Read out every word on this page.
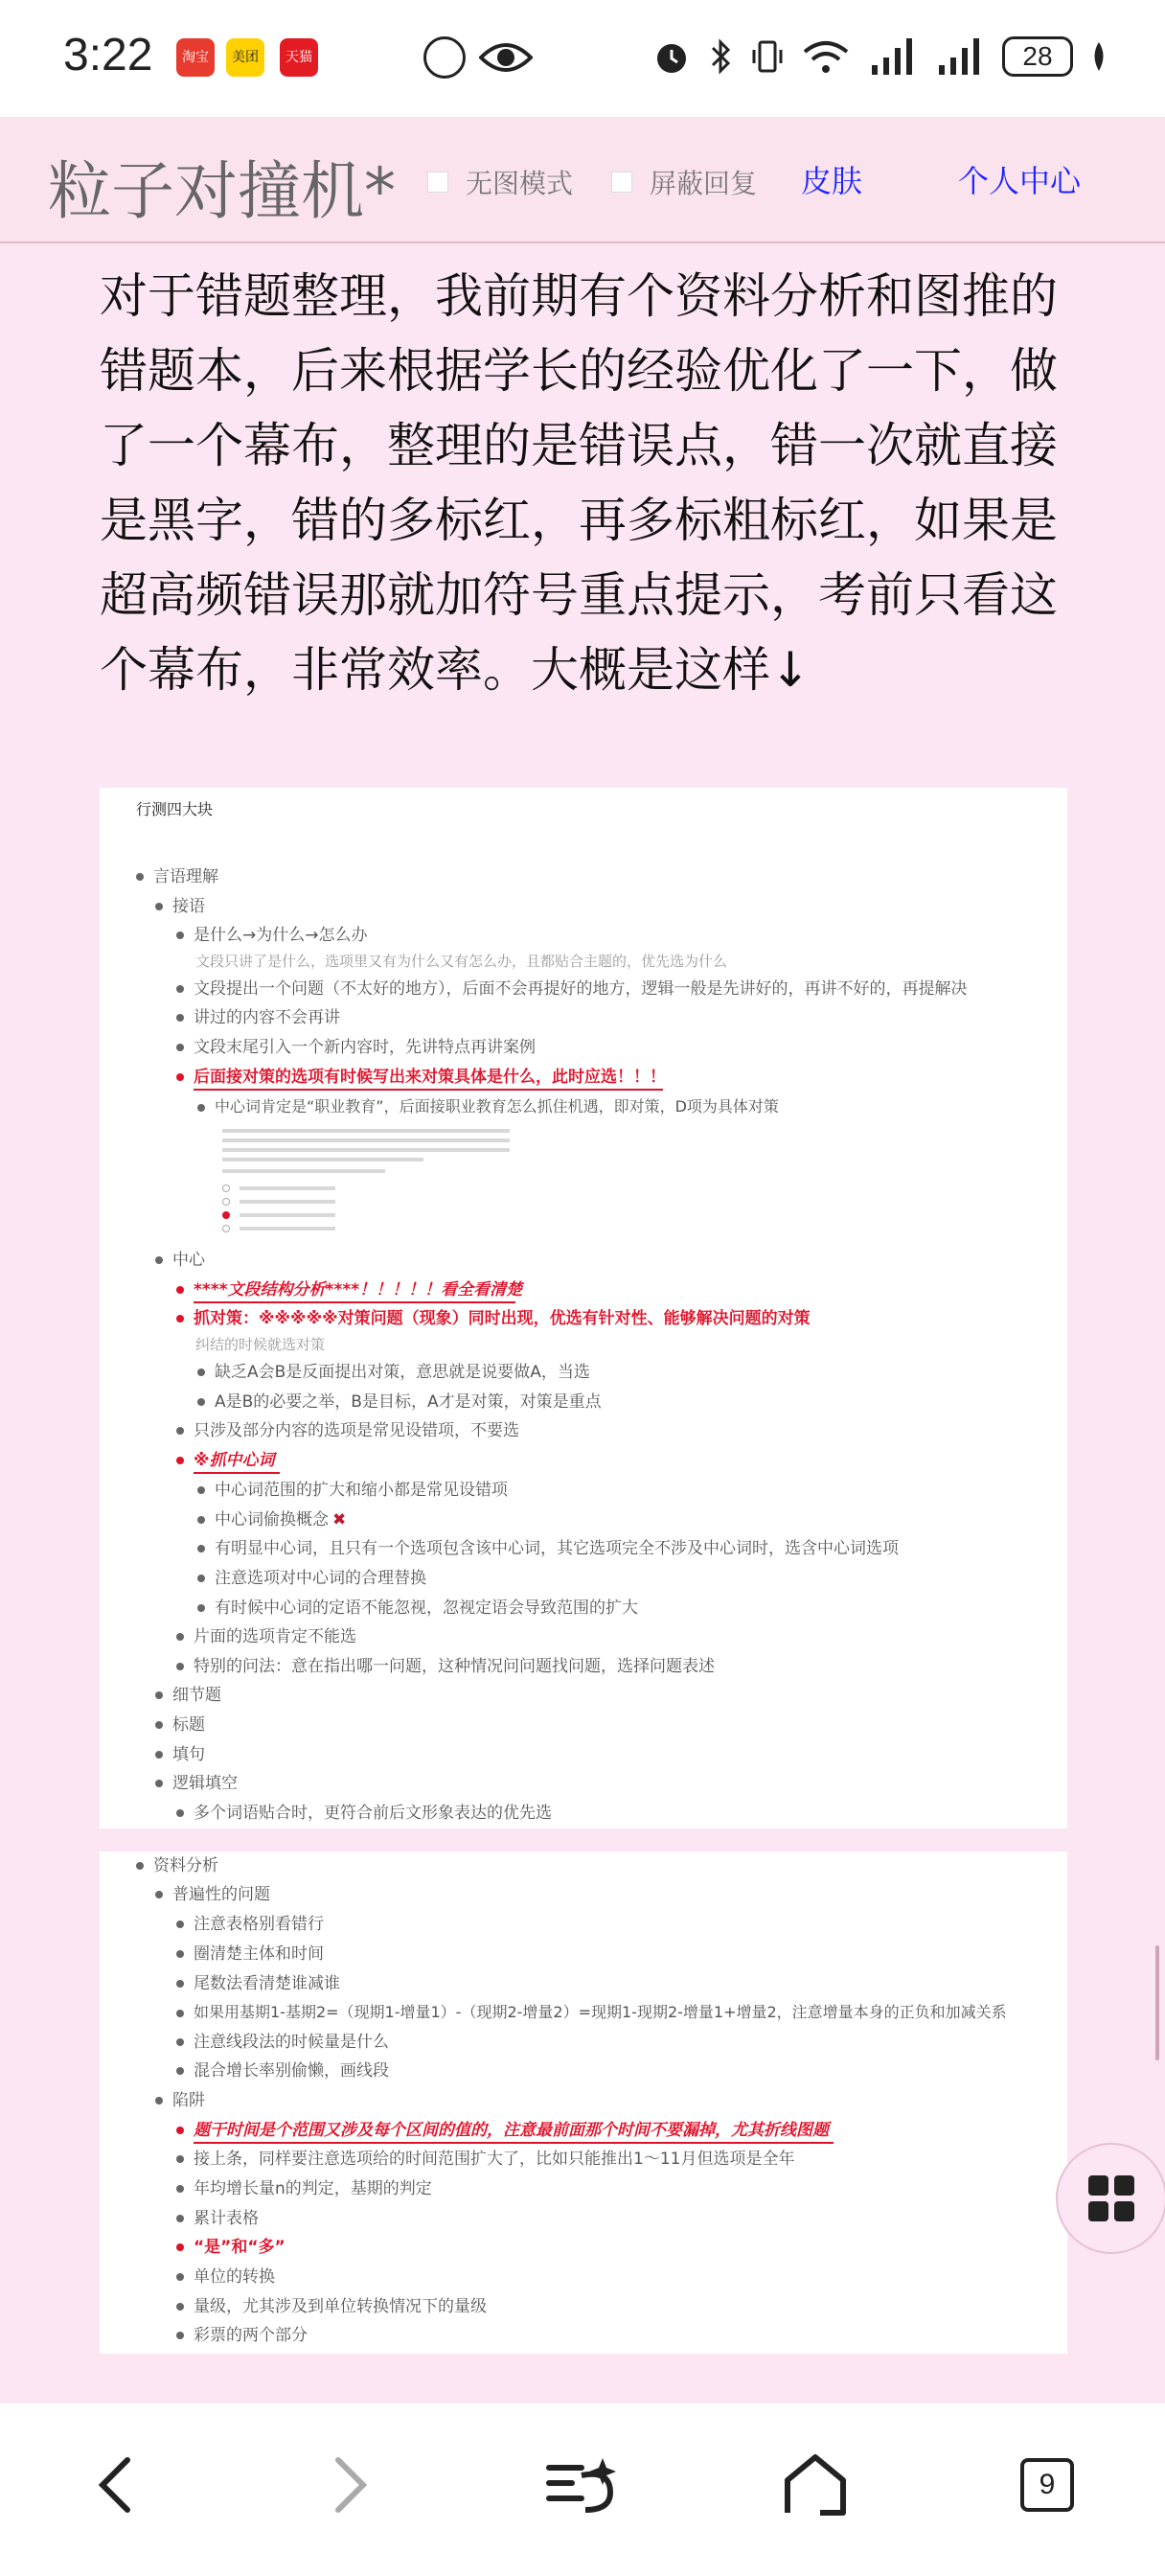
3:22	淘宝	美团	天猫	28
粒子对撞机*	无图模式	屏蔽回复 皮肤	个人中心
对于错题整理，我前期有个资料分析和图推的错题本，后来根据学长的经验优化了一下，做了一个幕布，整理的是错误点，错一次就直接是黑字，错的多标红，再多标粗标红，如果是超高频错误那就加符号重点提示，考前只看这个幕布，非常效率。大概是这样↓
行测四大块
言语理解
接语
是什么→为什么→怎么办
文段只讲了是什么，选项里又有为什么又有怎么办，且都贴合主题的，优先选为什么
文段提出一个问题（不太好的地方），后面不会再提好的地方，逻辑一般是先讲好的，再讲不好的，再提解决
讲过的内容不会再讲
文段末尾引入一个新内容时，先讲特点再讲案例
后面接对策的选项有时候写出来对策具体是什么，此时应选！！！
中心词肯定是“职业教育”，后面接职业教育怎么抓住机遇，即对策，D项为具体对策
中心
****文段结构分析****！！！！！看全看清楚
抓对策：※※※※※对策问题（现象）同时出现，优选有针对性、能够解决问题的对策
纠结的时候就选对策
缺乏A会B是反面提出对策，意思就是说要做A，当选
A是B的必要之举，B是目标，A才是对策，对策是重点
只涉及部分内容的选项是常见设错项，不要选
※抓中心词
中心词范围的扩大和缩小都是常见设错项
中心词偷换概念 ✖
有明显中心词，且只有一个选项包含该中心词，其它选项完全不涉及中心词时，选含中心词选项
注意选项对中心词的合理替换
有时候中心词的定语不能忽视，忽视定语会导致范围的扩大
片面的选项肯定不能选
特别的问法：意在指出哪一问题，这种情况问问题找问题，选择问题表述
细节题
标题
填句
逻辑填空
多个词语贴合时，更符合前后文形象表达的优先选
资料分析
普遍性的问题
注意表格别看错行
圈清楚主体和时间
尾数法看清楚谁减谁
如果用基期1-基期2=（现期1-增量1）-（现期2-增量2）=现期1-现期2-增量1+增量2，注意增量本身的正负和加减关系
注意线段法的时候量是什么
混合增长率别偷懒，画线段
陷阱
题干时间是个范围又涉及每个区间的值的，注意最前面那个时间不要漏掉，尤其折线图题
接上条，同样要注意选项给的时间范围扩大了，比如只能推出1～11月但选项是全年
年均增长量n的判定，基期的判定
累计表格
“是”和“多”
单位的转换
量级，尤其涉及到单位转换情况下的量级
彩票的两个部分
9
